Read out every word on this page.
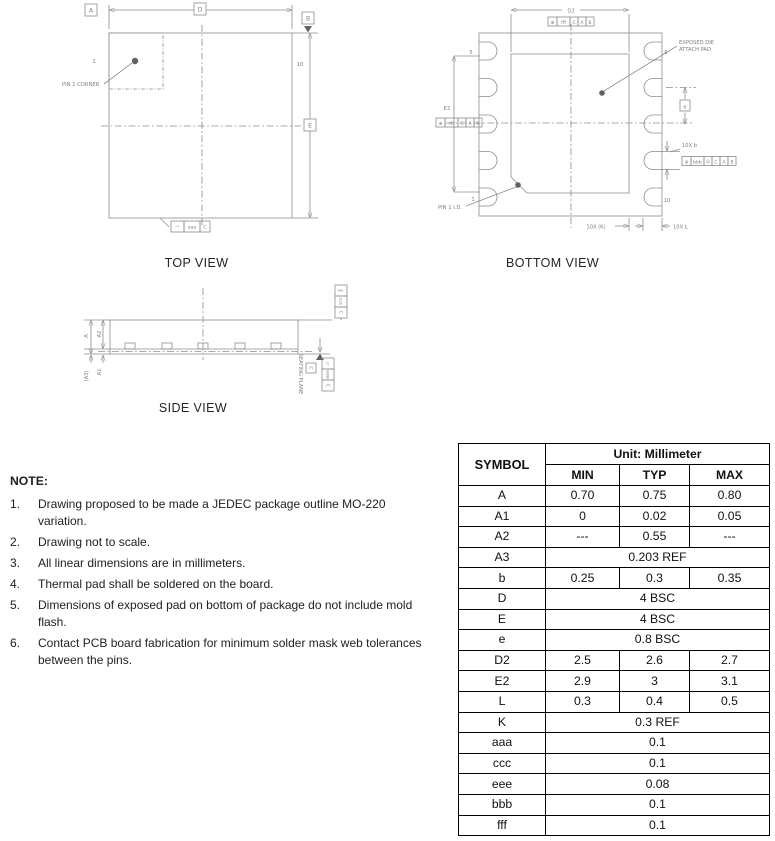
PIN 1 CORNER
A	D
B
E
1	10
◠ aaa C
TOP VIEW
D2
⊕ fff C A B
E2
⊕ fff C A B
5	6
1	10
EXPOSED DIE
ATTACH PAD
e
10X b
⊕ bbb Ⓜ C A B
PIN 1 I.D.
10X (K)	10X L
BOTTOM VIEW
A A2
A1
(A3)
∥
ccc
C
SEATING PLANE C
▱
eee
C
SIDE VIEW
NOTE:
1.	Drawing proposed to be made a JEDEC package outline MO-220 variation.
2.	Drawing not to scale.
3.	All linear dimensions are in millimeters.
4.	Thermal pad shall be soldered on the board.
5.	Dimensions of exposed pad on bottom of package do not include mold flash.
6.	Contact PCB board fabrication for minimum solder mask web tolerances between the pins.
SYMBOL	Unit: Millimeter		
	MIN	TYP	MAX
A	0.70	0.75	0.80
A1	0	0.02	0.05
A2	---	0.55	---
A3	0.203 REF		
b	0.25	0.3	0.35
D	4 BSC		
E	4 BSC		
e	0.8 BSC		
D2	2.5	2.6	2.7
E2	2.9	3	3.1
L	0.3	0.4	0.5
K	0.3 REF		
aaa	0.1		
ccc	0.1		
eee	0.08		
bbb	0.1		
fff	0.1		
